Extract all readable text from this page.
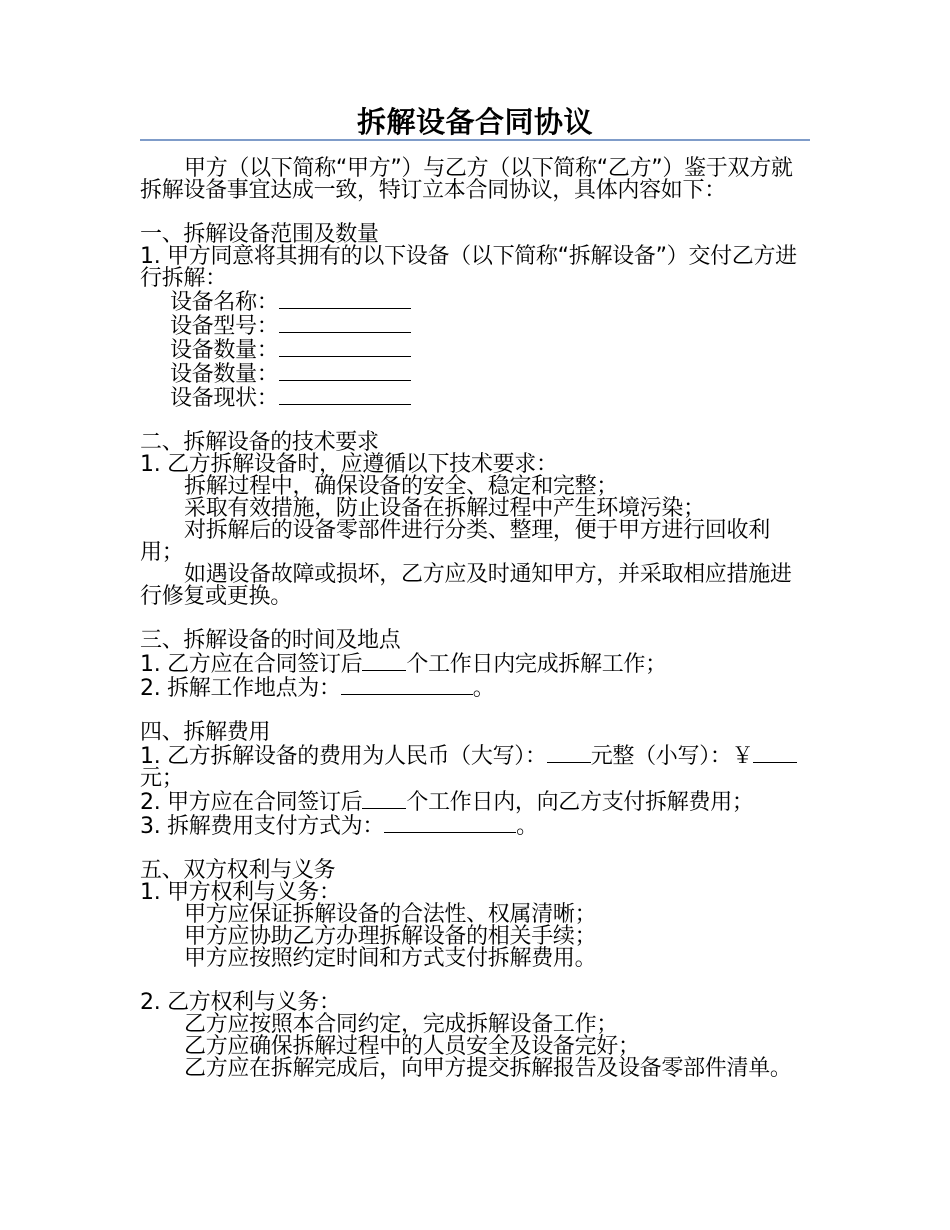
拆解设备合同协议

甲方（以下简称“甲方”）与乙方（以下简称“乙方”）鉴于双方就拆解设备事宜达成一致，特订立本合同协议，具体内容如下：

一、拆解设备范围及数量

1. 甲方同意将其拥有的以下设备（以下简称“拆解设备”）交付乙方进行拆解：

设备名称：

设备型号：

设备数量：

设备数量：

设备现状：

二、拆解设备的技术要求

1. 乙方拆解设备时，应遵循以下技术要求：

拆解过程中，确保设备的安全、稳定和完整；

采取有效措施，防止设备在拆解过程中产生环境污染；

对拆解后的设备零部件进行分类、整理，便于甲方进行回收利用；

如遇设备故障或损坏，乙方应及时通知甲方，并采取相应措施进行修复或更换。

三、拆解设备的时间及地点

1. 乙方应在合同签订后 个工作日内完成拆解工作；

2. 拆解工作地点为：	。

四、拆解费用

1. 乙方拆解设备的费用为人民币（大写）： 元整（小写）：￥元；

2. 甲方应在合同签订后 个工作日内，向乙方支付拆解费用；

3. 拆解费用支付方式为：	。

五、双方权利与义务

1. 甲方权利与义务：

甲方应保证拆解设备的合法性、权属清晰；

甲方应协助乙方办理拆解设备的相关手续；

甲方应按照约定时间和方式支付拆解费用。

2. 乙方权利与义务：

乙方应按照本合同约定，完成拆解设备工作；

乙方应确保拆解过程中的人员安全及设备完好；

乙方应在拆解完成后，向甲方提交拆解报告及设备零部件清单。
